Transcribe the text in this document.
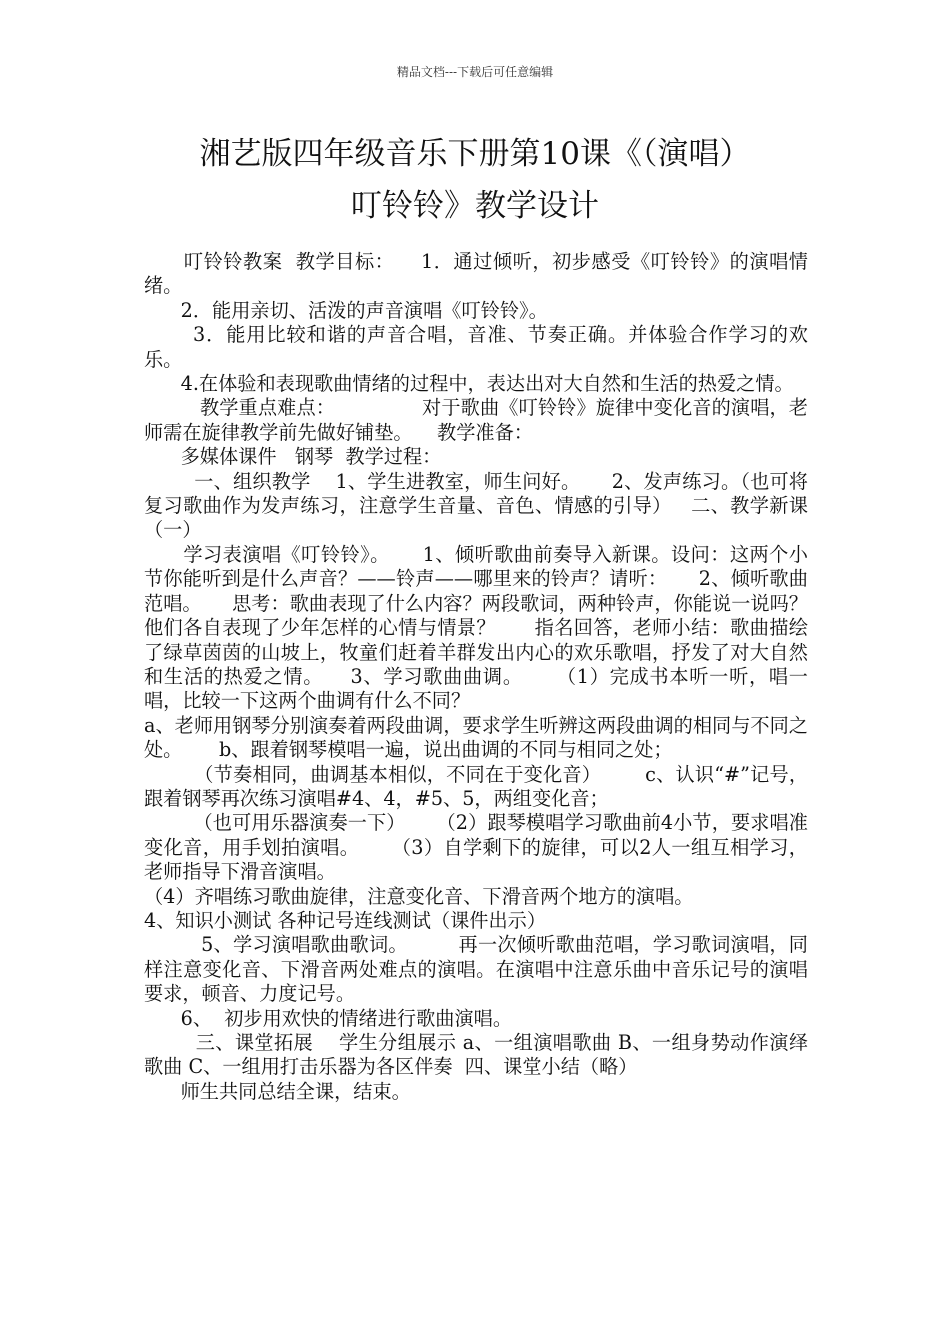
精品文档---下载后可任意编辑
湘艺版四年级音乐下册第10课《（演唱）
叮铃铃》教学设计

叮铃铃教案  教学目标：    1．通过倾听，初步感受《叮铃铃》的演唱情绪。

2．能用亲切、活泼的声音演唱《叮铃铃》。

3．能用比较和谐的声音合唱，音准、节奏正确。并体验合作学习的欢乐。

4.在体验和表现歌曲情绪的过程中，表达出对大自然和生活的热爱之情。

教学重点难点：              对于歌曲《叮铃铃》旋律中变化音的演唱，老师需在旋律教学前先做好铺垫。    教学准备：

多媒体课件   钢琴  教学过程：

一、组织教学    1、学生进教室，师生问好。     2、发声练习。（也可将复习歌曲作为发声练习，注意学生音量、音色、情感的引导）   二、教学新课  （一）

学习表演唱《叮铃铃》。     1、倾听歌曲前奏导入新课。设问：这两个小节你能听到是什么声音？——铃声——哪里来的铃声？请听：     2、倾听歌曲范唱。     思考：歌曲表现了什么内容？两段歌词，两种铃声，你能说一说吗？他们各自表现了少年怎样的心情与情景？      指名回答，老师小结：歌曲描绘了绿草茵茵的山坡上，牧童们赶着羊群发出内心的欢乐歌唱，抒发了对大自然和生活的热爱之情。    3、学习歌曲曲调。     （1）完成书本听一听，唱一唱，比较一下这两个曲调有什么不同？

a、老师用钢琴分别演奏着两段曲调，要求学生听辨这两段曲调的相同与不同之处。      b、跟着钢琴模唱一遍，说出曲调的不同与相同之处；

（节奏相同，曲调基本相似，不同在于变化音）       c、认识“#”记号，跟着钢琴再次练习演唱#4、4，#5、5，两组变化音；

（也可用乐器演奏一下）     （2）跟琴模唱学习歌曲前4小节，要求唱准变化音，用手划拍演唱。     （3）自学剩下的旋律，可以2人一组互相学习，老师指导下滑音演唱。

（4）齐唱练习歌曲旋律，注意变化音、下滑音两个地方的演唱。

4、知识小测试 各种记号连线测试（课件出示）

5、学习演唱歌曲歌词。        再一次倾听歌曲范唱，学习歌词演唱，同样注意变化音、下滑音两处难点的演唱。在演唱中注意乐曲中音乐记号的演唱要求，顿音、力度记号。

6、  初步用欢快的情绪进行歌曲演唱。

三、课堂拓展    学生分组展示 a、一组演唱歌曲 B、一组身势动作演绎歌曲 C、一组用打击乐器为各区伴奏  四、课堂小结（略）

师生共同总结全课，结束。
